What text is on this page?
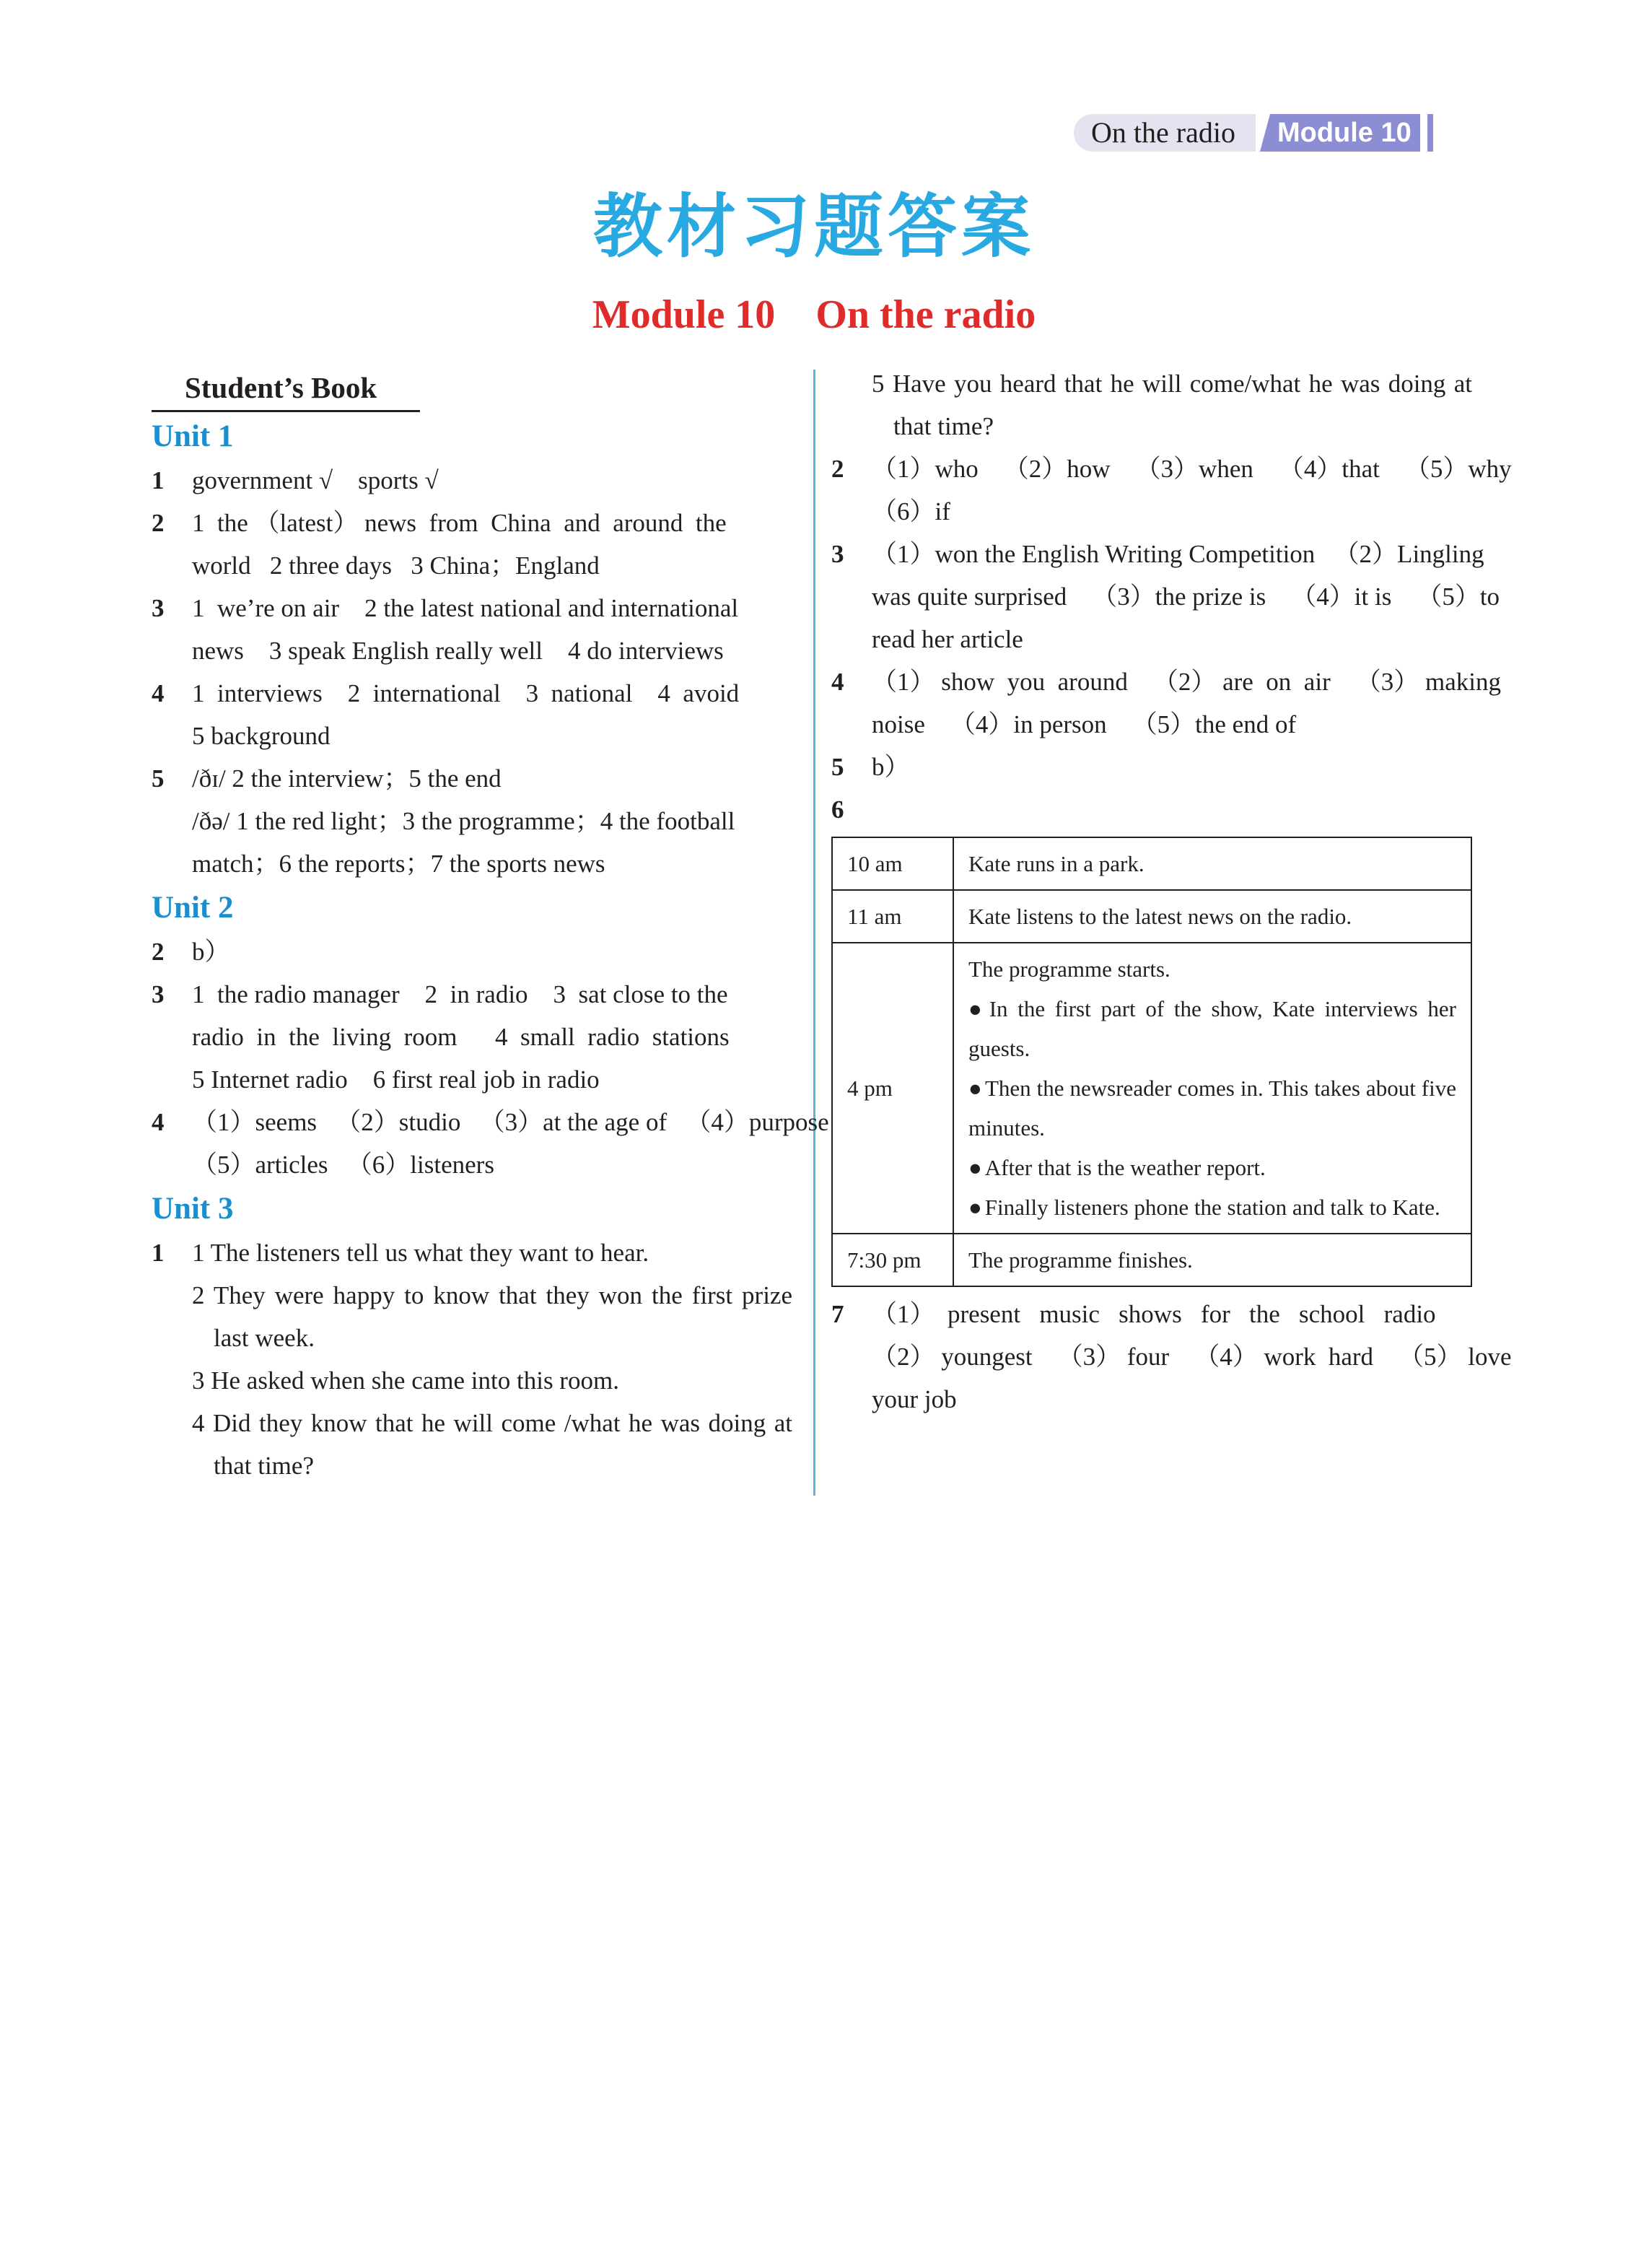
On the radio	Module 10
教材习题答案
Module 10 On the radio
Student’s Book
Unit 1
1	government √    sports √
2	1  the （latest） news  from  China  and  around  the
world   2 three days   3 China；England
3	1  we’re on air    2 the latest national and international
news    3 speak English really well    4 do interviews
4	1  interviews    2  international    3  national    4  avoid
5 background
5	/ðɪ/ 2 the interview；5 the end
/ðə/ 1 the red light；3 the programme；4 the football
match；6 the reports；7 the sports news
Unit 2
2	b）
3	1  the radio manager    2  in radio    3  sat close to the
radio  in  the  living  room      4  small  radio  stations
5 Internet radio    6 first real job in radio
4	（1）seems   （2）studio   （3）at the age of   （4）purpose
（5）articles   （6）listeners
Unit 3
1	1 The listeners tell us what they want to hear.
2 They were happy to know that they won the first prize last week.
3 He asked when she came into this room.
4 Did they know that he will come /what he was doing at that time?
5 Have you heard that he will come/what he was doing at that time?
2	（1）who    （2）how    （3）when    （4）that    （5）why
（6）if
3	（1）won the English Writing Competition   （2）Lingling
was quite surprised    （3）the prize is    （4）it is    （5）to
read her article
4	（1） show  you  around    （2） are  on  air    （3） making
noise    （4）in person    （5）the end of
5	b）
6
10 am	Kate runs in a park.
11 am	Kate listens to the latest news on the radio.
4 pm	The programme starts.
● In the first part of the show, Kate interviews her guests.
● Then the newsreader comes in. This takes about five minutes.
● After that is the weather report.
● Finally listeners phone the station and talk to Kate.

7:30 pm	The programme finishes.
7	（1）  present   music   shows   for   the   school   radio
（2） youngest    （3） four    （4） work  hard    （5） love
your job
